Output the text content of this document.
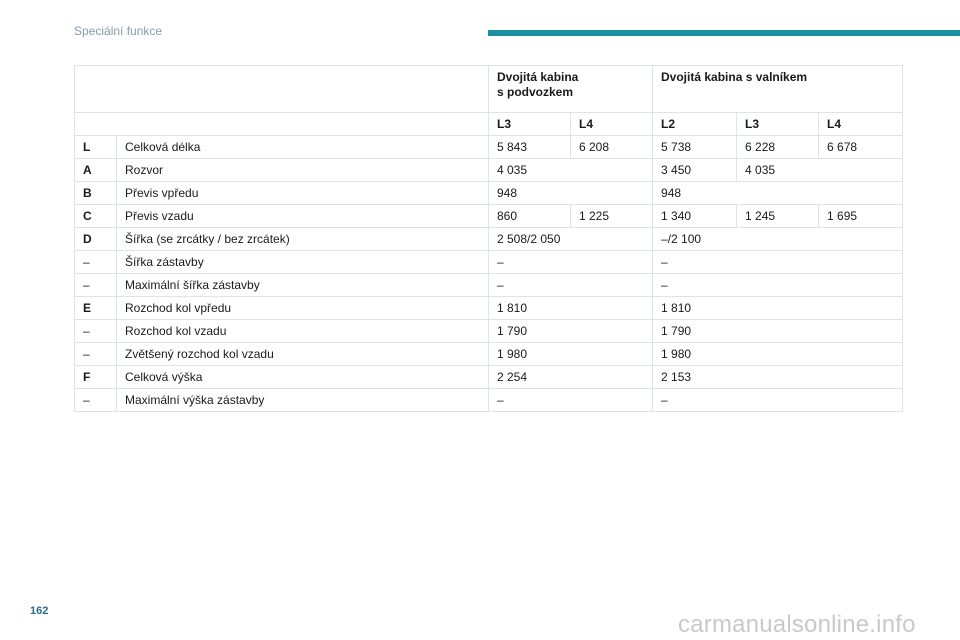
Speciální funkce

		Dvojitá kabina
s podvozkem		Dvojitá kabina s valníkem		
		L3	L4	L2	L3	L4
L	Celková délka	5 843	6 208	5 738	6 228	6 678
A	Rozvor	4 035		3 450	4 035	
B	Převis vpředu	948		948		
C	Převis vzadu	860	1 225	1 340	1 245	1 695
D	Šířka (se zrcátky / bez zrcátek)	2 508/2 050		–/2 100		
–	Šířka zástavby	–		–		
–	Maximální šířka zástavby	–		–		
E	Rozchod kol vpředu	1 810		1 810		
–	Rozchod kol vzadu	1 790		1 790		
–	Zvětšený rozchod kol vzadu	1 980		1 980		
F	Celková výška	2 254		2 153		
–	Maximální výška zástavby	–		–		
162	carmanualsonline.info
